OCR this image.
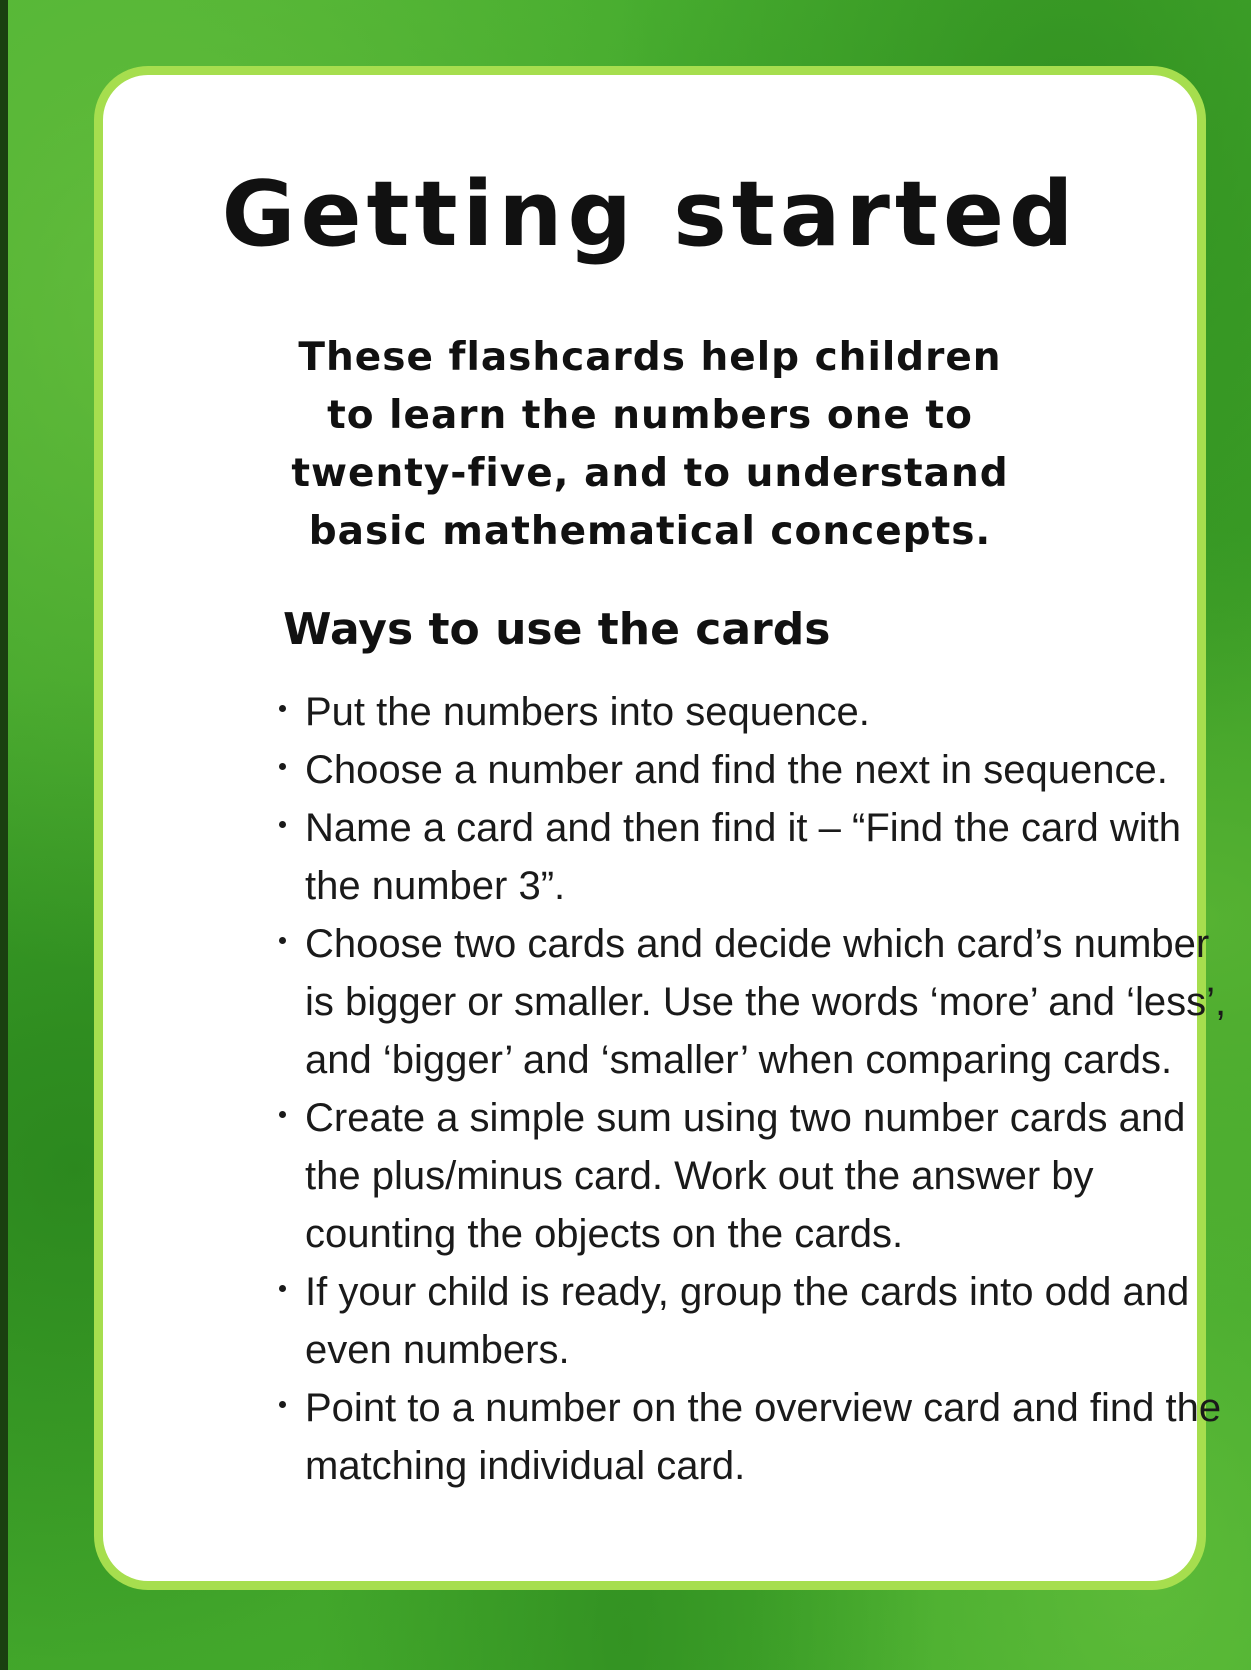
Getting started

These flashcards help children
to learn the numbers one to
twenty-five, and to understand
basic mathematical concepts.

Ways to use the cards
Put the numbers into sequence.
Choose a number and find the next in sequence.
Name a card and then find it – “Find the card with the number 3”.
Choose two cards and decide which card’s number is bigger or smaller. Use the words ‘more’ and ‘less’, and ‘bigger’ and ‘smaller’ when comparing cards.
Create a simple sum using two number cards and the plus/minus card. Work out the answer by counting the objects on the cards.
If your child is ready, group the cards into odd and even numbers.
Point to a number on the overview card and find the matching individual card.
